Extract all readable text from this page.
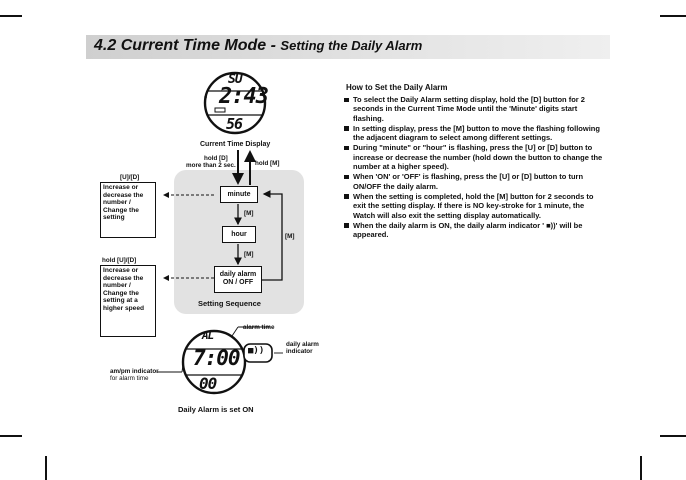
4.2 Current Time Mode - Setting the Daily Alarm
SU
P 2:43
56
Current Time Display
hold [D]
more than 2 sec.	hold [M]
minute
[M]
hour
[M]
daily alarm ON / OFF
[M]
Setting Sequence
[U]/[D]
Increase or decrease the number / Change the setting
hold [U]/[D]
Increase or decrease the number / Change the setting at a higher speed
AL
7:00
00
■))
alarm time
daily alarm
indicator
am/pm indicator
for alarm time
Daily Alarm is set ON
How to Set the Daily Alarm
To select the Daily Alarm setting display, hold the [D] button for 2 seconds in the Current Time Mode until the 'Minute' digits start flashing.
In setting display, press the [M] button to move the flashing following the adjacent diagram to select among different settings.
During "minute" or "hour" is flashing, press the [U] or [D] button to increase or decrease the number (hold down the button to change the number at a higher speed).
When 'ON' or 'OFF' is flashing, press the [U] or [D] button to turn ON/OFF the daily alarm.
When the setting is completed, hold the [M] button for 2 seconds to exit the setting display. If there is NO key-stroke for 1 minute, the Watch will also exit the setting display automatically.
When the daily alarm is ON, the daily alarm indicator ' ■))' will be appeared.
